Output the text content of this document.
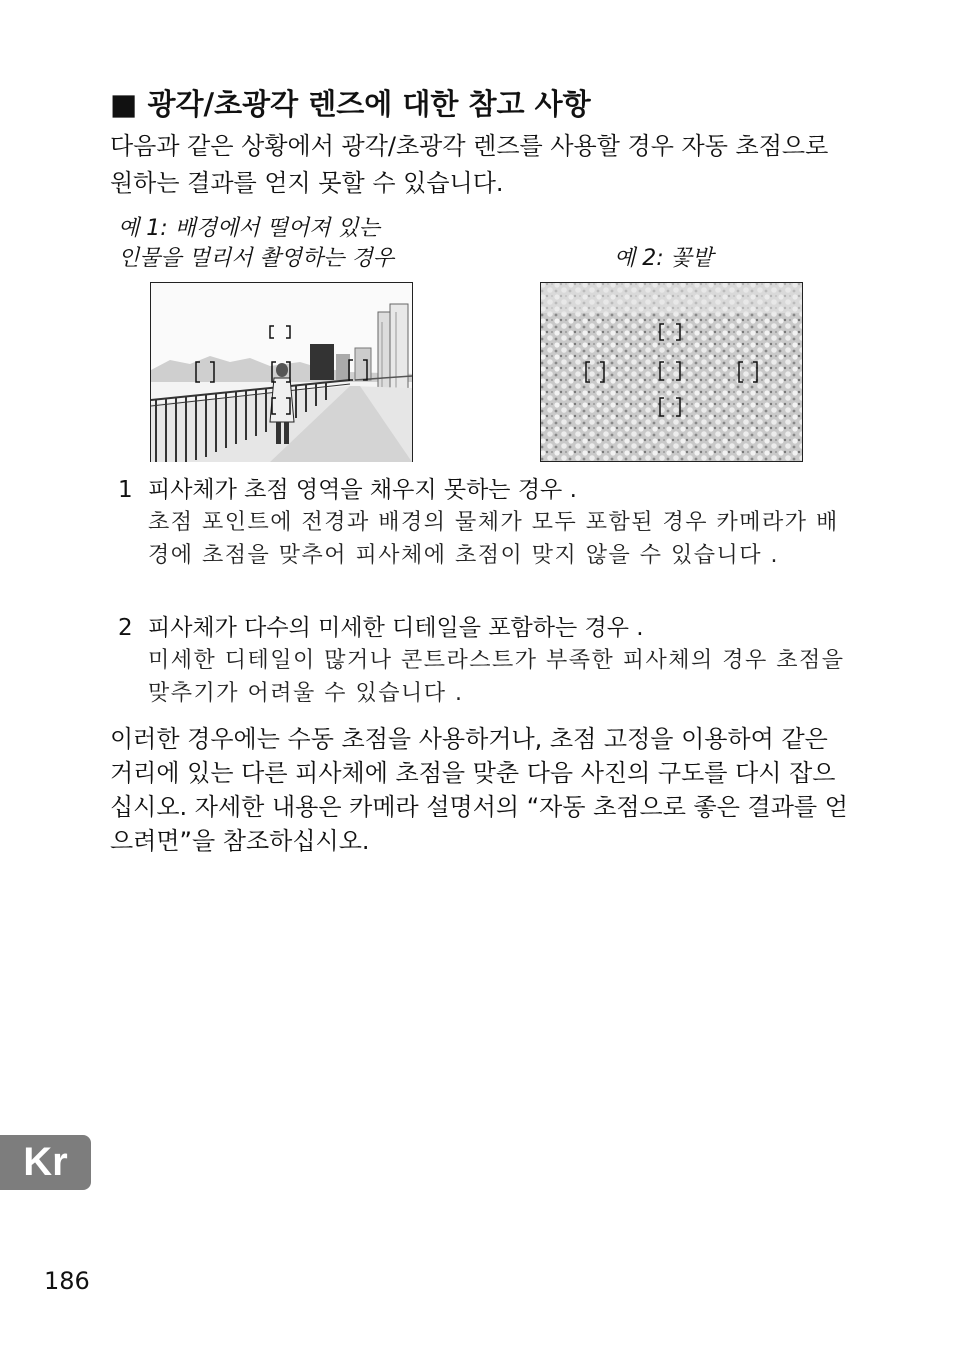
■ 광각/초광각 렌즈에 대한 참고 사항
다음과 같은 상황에서 광각/초광각 렌즈를 사용할 경우 자동 초점으로 원하는 결과를 얻지 못할 수 있습니다.
예 1: 배경에서 떨어져 있는
인물을 멀리서 촬영하는 경우	예 2: 꽃밭
1 피사체가 초점 영역을 채우지 못하는 경우 .
초점 포인트에 전경과 배경의 물체가 모두 포함된 경우 카메라가 배경에 초점을 맞추어 피사체에 초점이 맞지 않을 수 있습니다 .
2 피사체가 다수의 미세한 디테일을 포함하는 경우 .
미세한 디테일이 많거나 콘트라스트가 부족한 피사체의 경우 초점을 맞추기가 어려울 수 있습니다 .
이러한 경우에는 수동 초점을 사용하거나, 초점 고정을 이용하여 같은 거리에 있는 다른 피사체에 초점을 맞춘 다음 사진의 구도를 다시 잡으십시오. 자세한 내용은 카메라 설명서의 “자동 초점으로 좋은 결과를 얻으려면”을 참조하십시오.
Kr
186
